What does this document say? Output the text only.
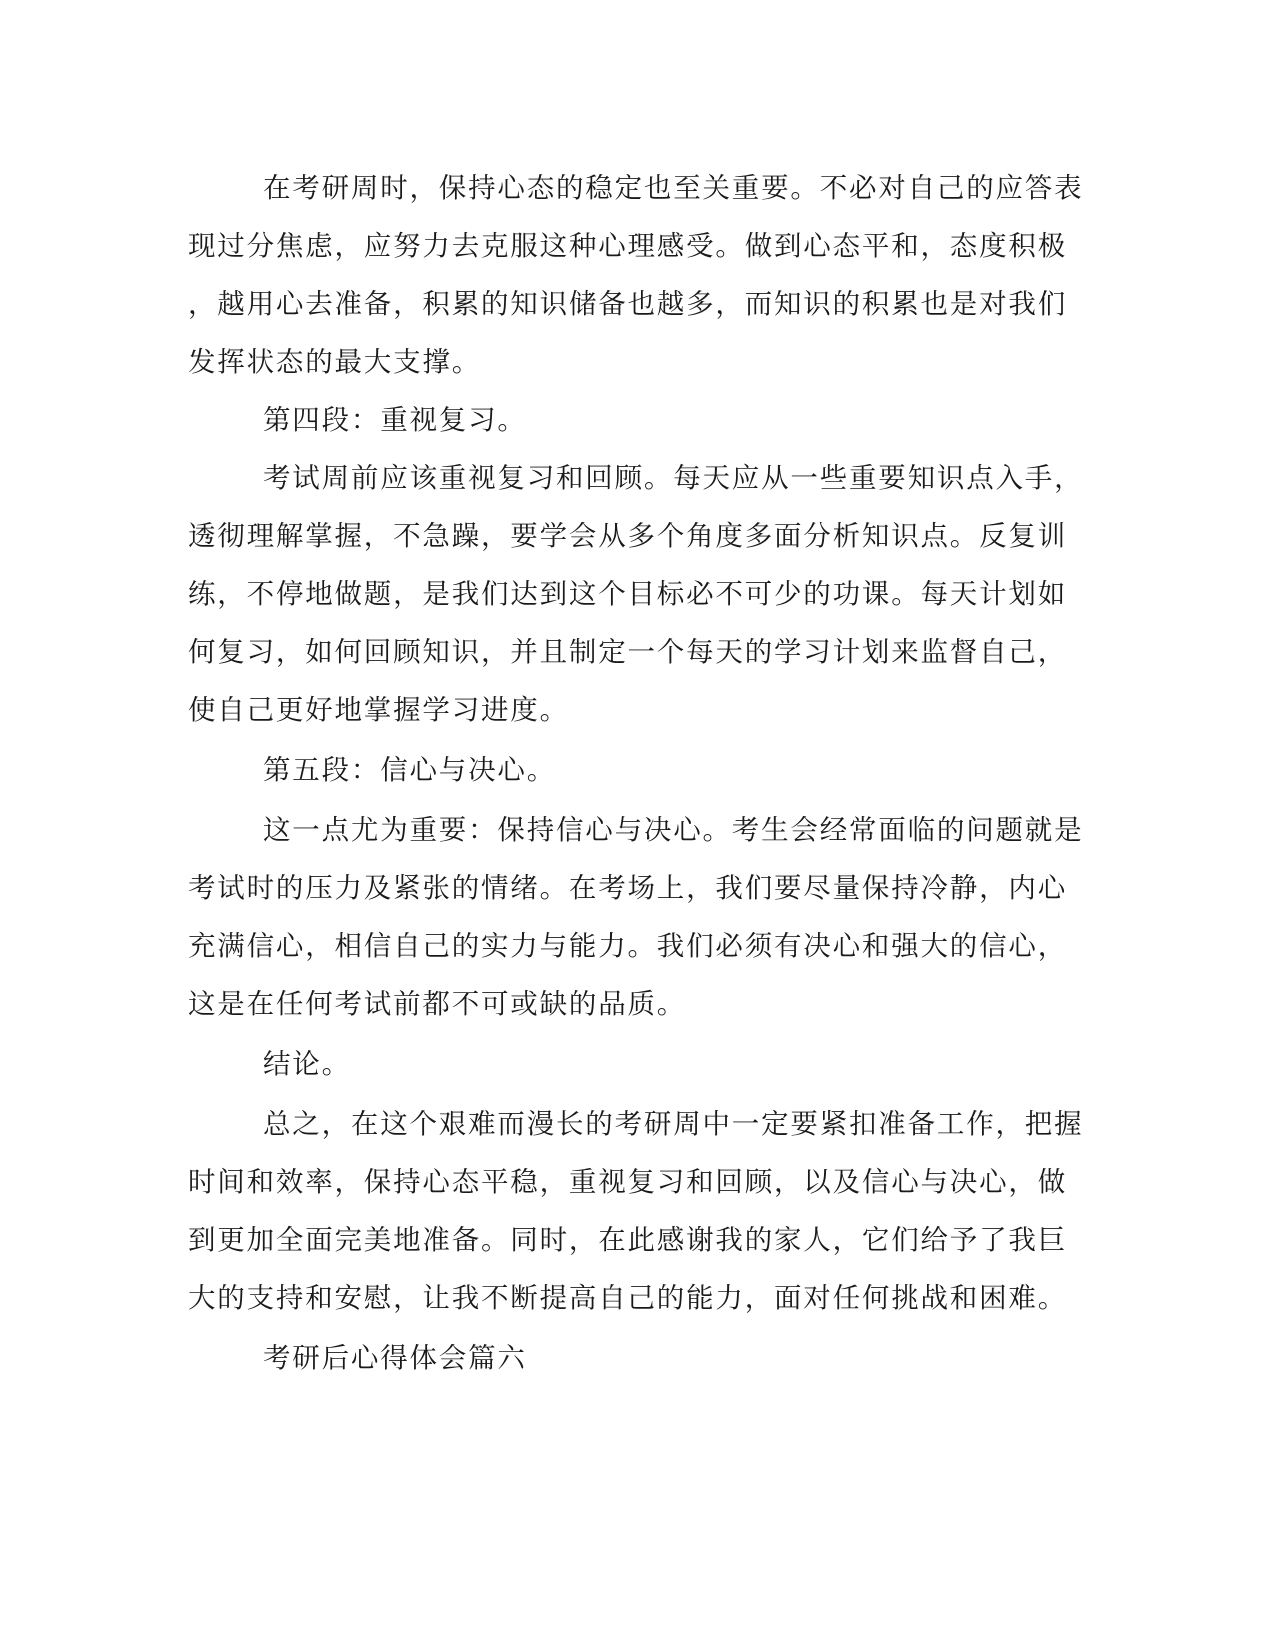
在考研周时，保持心态的稳定也至关重要。不必对自己的应答表
现过分焦虑，应努力去克服这种心理感受。做到心态平和，态度积极
，越用心去准备，积累的知识储备也越多，而知识的积累也是对我们
发挥状态的最大支撑。
第四段：重视复习。
考试周前应该重视复习和回顾。每天应从一些重要知识点入手，
透彻理解掌握，不急躁，要学会从多个角度多面分析知识点。反复训
练，不停地做题，是我们达到这个目标必不可少的功课。每天计划如
何复习，如何回顾知识，并且制定一个每天的学习计划来监督自己，
使自己更好地掌握学习进度。
第五段：信心与决心。
这一点尤为重要：保持信心与决心。考生会经常面临的问题就是
考试时的压力及紧张的情绪。在考场上，我们要尽量保持冷静，内心
充满信心，相信自己的实力与能力。我们必须有决心和强大的信心，
这是在任何考试前都不可或缺的品质。
结论。
总之，在这个艰难而漫长的考研周中一定要紧扣准备工作，把握
时间和效率，保持心态平稳，重视复习和回顾，以及信心与决心，做
到更加全面完美地准备。同时，在此感谢我的家人，它们给予了我巨
大的支持和安慰，让我不断提高自己的能力，面对任何挑战和困难。
考研后心得体会篇六
